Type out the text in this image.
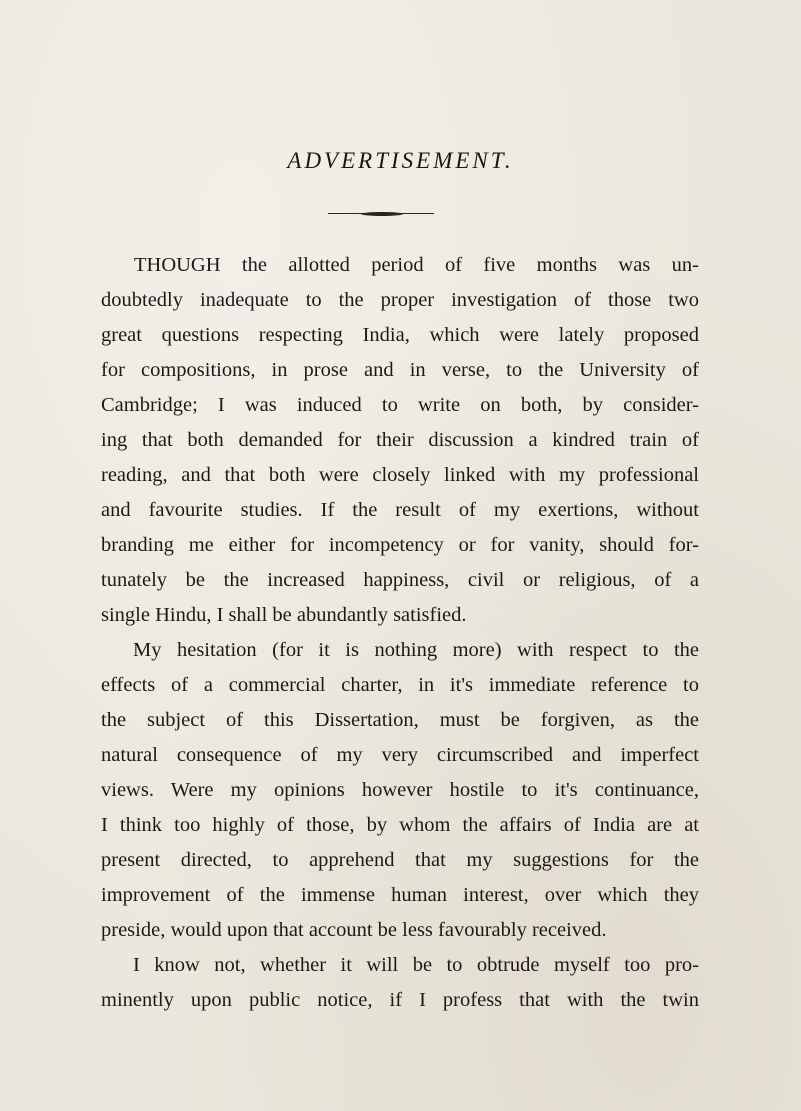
ADVERTISEMENT.
THOUGH the allotted period of five months was un-
doubtedly inadequate to the proper investigation of those two
great questions respecting India, which were lately proposed
for compositions, in prose and in verse, to the University of
Cambridge; I was induced to write on both, by consider-
ing that both demanded for their discussion a kindred train of
reading, and that both were closely linked with my professional
and favourite studies. If the result of my exertions, without
branding me either for incompetency or for vanity, should for-
tunately be the increased happiness, civil or religious, of a
single Hindu, I shall be abundantly satisfied.
My hesitation (for it is nothing more) with respect to the
effects of a commercial charter, in it's immediate reference to
the subject of this Dissertation, must be forgiven, as the
natural consequence of my very circumscribed and imperfect
views. Were my opinions however hostile to it's continuance,
I think too highly of those, by whom the affairs of India are at
present directed, to apprehend that my suggestions for the
improvement of the immense human interest, over which they
preside, would upon that account be less favourably received.
I know not, whether it will be to obtrude myself too pro-
minently upon public notice, if I profess that with the twin
